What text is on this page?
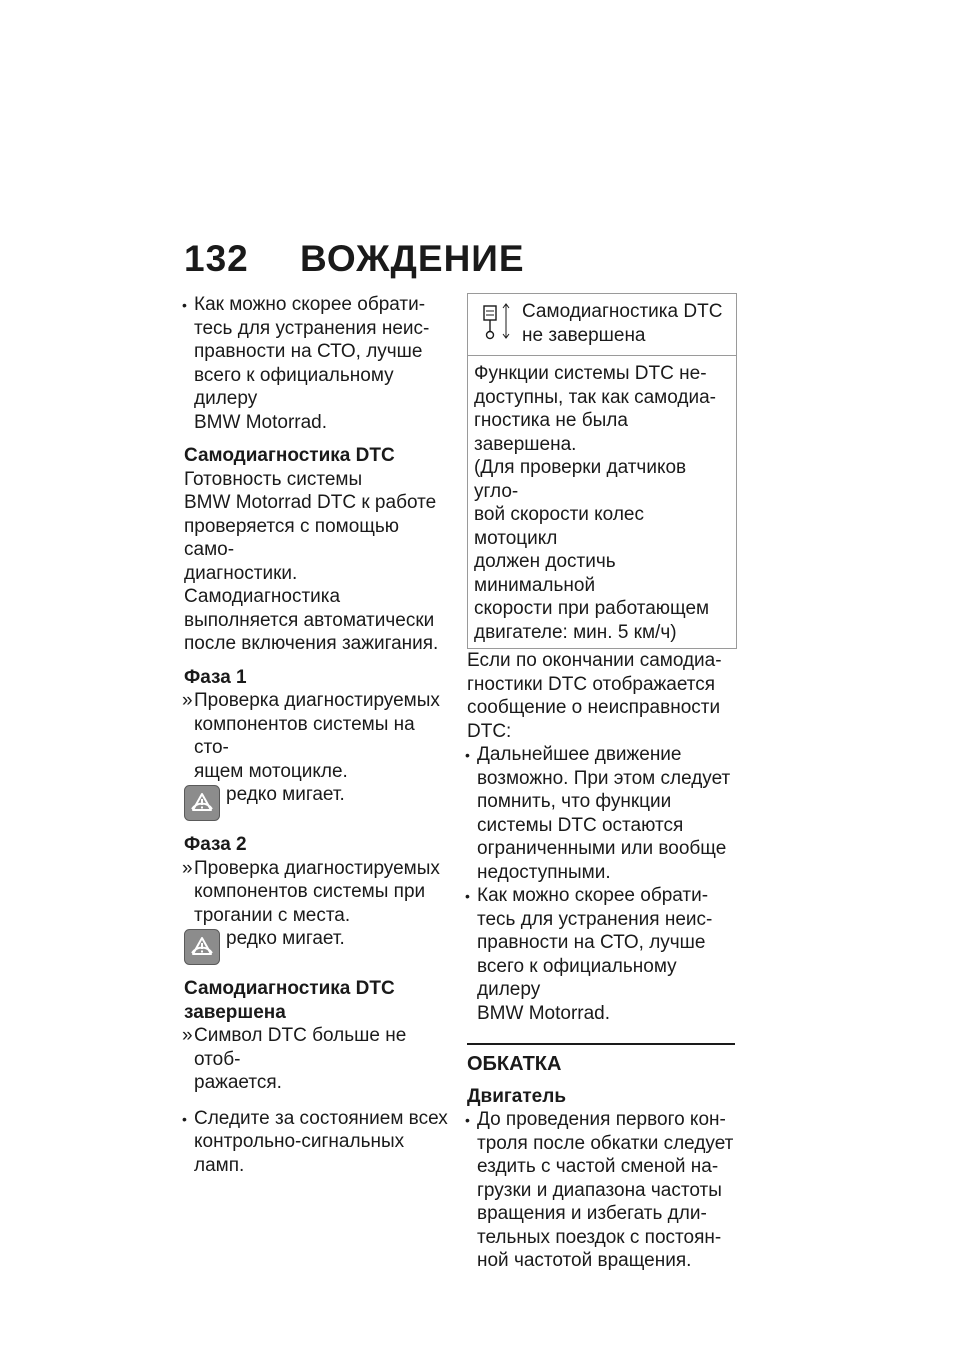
132 ВОЖДЕНИЕ
• Как можно скорее обрати-
тесь для устранения неис-
правности на СТО, лучше
всего к официальному дилеру
BMW Motorrad.
Самодиагностика DTC
Готовность системы
BMW Motorrad DTC к работе
проверяется с помощью само-
диагностики. Самодиагностика
выполняется автоматически
после включения зажигания.
Фаза 1
» Проверка диагностируемых
компонентов системы на сто-
ящем мотоцикле.
редко мигает.
Фаза 2
» Проверка диагностируемых
компонентов системы при
трогании с места.
редко мигает.
Самодиагностика DTC
завершена
» Символ DTC больше не отоб-
ражается.
• Следите за состоянием всех
контрольно-сигнальных ламп.
Самодиагностика DTC
не завершена
Функции системы DTC не-
доступны, так как самодиа-
гностика не была завершена.
(Для проверки датчиков угло-
вой скорости колес мотоцикл
должен достичь минимальной
скорости при работающем
двигателе: мин. 5 км/ч)
Если по окончании самодиа-
гностики DTC отображается
сообщение о неисправности
DTC:
• Дальнейшее движение
возможно. При этом следует
помнить, что функции
системы DTC остаются
ограниченными или вообще
недоступными.
• Как можно скорее обрати-
тесь для устранения неис-
правности на СТО, лучше
всего к официальному дилеру
BMW Motorrad.
ОБКАТКА
Двигатель
• До проведения первого кон-
троля после обкатки следует
ездить с частой сменой на-
грузки и диапазона частоты
вращения и избегать дли-
тельных поездок с постоян-
ной частотой вращения.
